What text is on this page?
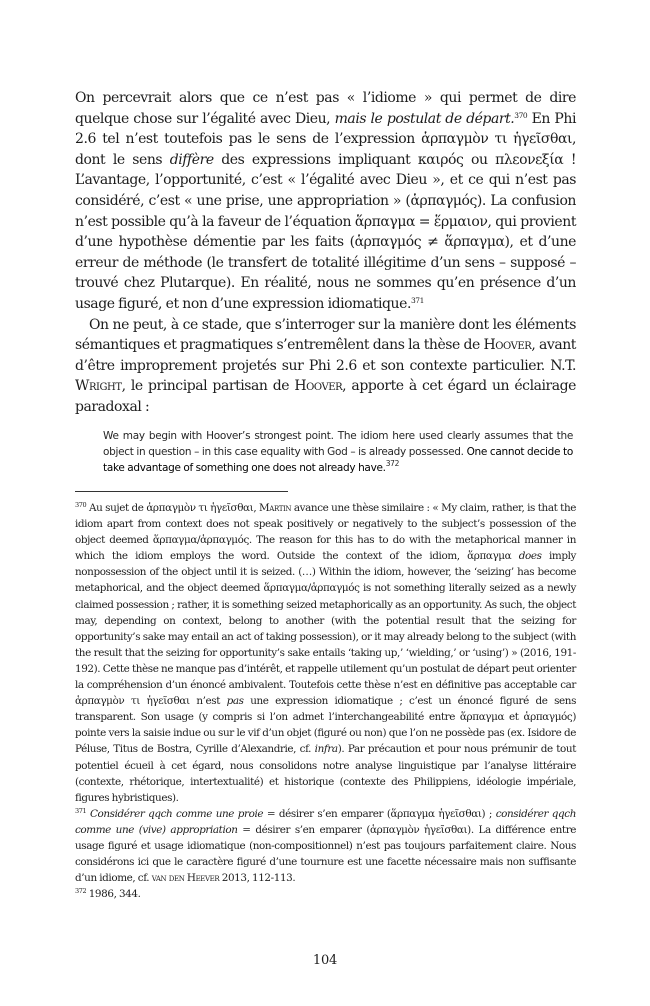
On percevrait alors que ce n’est pas « l’idiome » qui permet de dire quelque chose sur l’égalité avec Dieu, mais le postulat de départ.$^{370}$ En Phi 2.6 tel n’est toutefois pas le sens de l’expression ἁρπαγμὸν τι ἡγεῖσθαι, dont le sens diffère des expressions impliquant καιρός ou πλεονεξία ! L’avantage, l’opportunité, c’est « l’égalité avec Dieu », et ce qui n’est pas considéré, c’est « une prise, une appropriation » (ἁρπαγμός). La confusion n’est possible qu’à la faveur de l’équation ἅρπαγμα = ἕρμαιον, qui provient d’une hypothèse démentie par les faits (ἁρπαγμός ≠ ἅρπαγμα), et d’une erreur de méthode (le transfert de totalité illégitime d’un sens – supposé – trouvé chez Plutarque). En réalité, nous ne sommes qu’en présence d’un usage figuré, et non d’une expression idiomatique.$^{371}$

On ne peut, à ce stade, que s’interroger sur la manière dont les éléments sémantiques et pragmatiques s’entremêlent dans la thèse de Hoover, avant d’être improprement projetés sur Phi 2.6 et son contexte particulier. N.T. Wright, le principal partisan de Hoover, apporte à cet égard un éclairage paradoxal :

We may begin with Hoover’s strongest point. The idiom here used clearly assumes that the object in question – in this case equality with God – is already possessed. One cannot decide to take advantage of something one does not already have.$^{372}$

$^{370}$ Au sujet de ἁρπαγμὸν τι ἡγεῖσθαι, Martin avance une thèse similaire : « My claim, rather, is that the idiom apart from context does not speak positively or negatively to the subject’s possession of the object deemed ἅρπαγμα/ἁρπαγμός. The reason for this has to do with the metaphorical manner in which the idiom employs the word. Outside the context of the idiom, ἅρπαγμα does imply nonpossession of the object until it is seized. (…) Within the idiom, however, the ‘seizing’ has become metaphorical, and the object deemed ἅρπαγμα/ἁρπαγμός is not something literally seized as a newly claimed possession ; rather, it is something seized metaphorically as an opportunity. As such, the object may, depending on context, belong to another (with the potential result that the seizing for opportunity’s sake may entail an act of taking possession), or it may already belong to the subject (with the result that the seizing for opportunity’s sake entails ‘taking up,’ ‘wielding,’ or ‘using’) » (2016, 191-192). Cette thèse ne manque pas d’intérêt, et rappelle utilement qu’un postulat de départ peut orienter la compréhension d’un énoncé ambivalent. Toutefois cette thèse n’est en définitive pas acceptable car ἁρπαγμὸν τι ἡγεῖσθαι n’est pas une expression idiomatique ; c’est un énoncé figuré de sens transparent. Son usage (y compris si l’on admet l’interchangeabilité entre ἅρπαγμα et ἁρπαγμός) pointe vers la saisie indue ou sur le vif d’un objet (figuré ou non) que l’on ne possède pas (ex. Isidore de Péluse, Titus de Bostra, Cyrille d’Alexandrie, cf. infra). Par précaution et pour nous prémunir de tout potentiel écueil à cet égard, nous consolidons notre analyse linguistique par l’analyse littéraire (contexte, rhétorique, intertextualité) et historique (contexte des Philippiens, idéologie impériale, figures hybristiques).

$^{371}$ Considérer qqch comme une proie = désirer s’en emparer (ἅρπαγμα ἡγεῖσθαι) ; considérer qqch comme une (vive) appropriation = désirer s’en emparer (ἁρπαγμὸν ἡγεῖσθαι). La différence entre usage figuré et usage idiomatique (non-compositionnel) n’est pas toujours parfaitement claire. Nous considérons ici que le caractère figuré d’une tournure est une facette nécessaire mais non suffisante d’un idiome, cf. van den Heever 2013, 112-113.

$^{372}$ 1986, 344.

104
